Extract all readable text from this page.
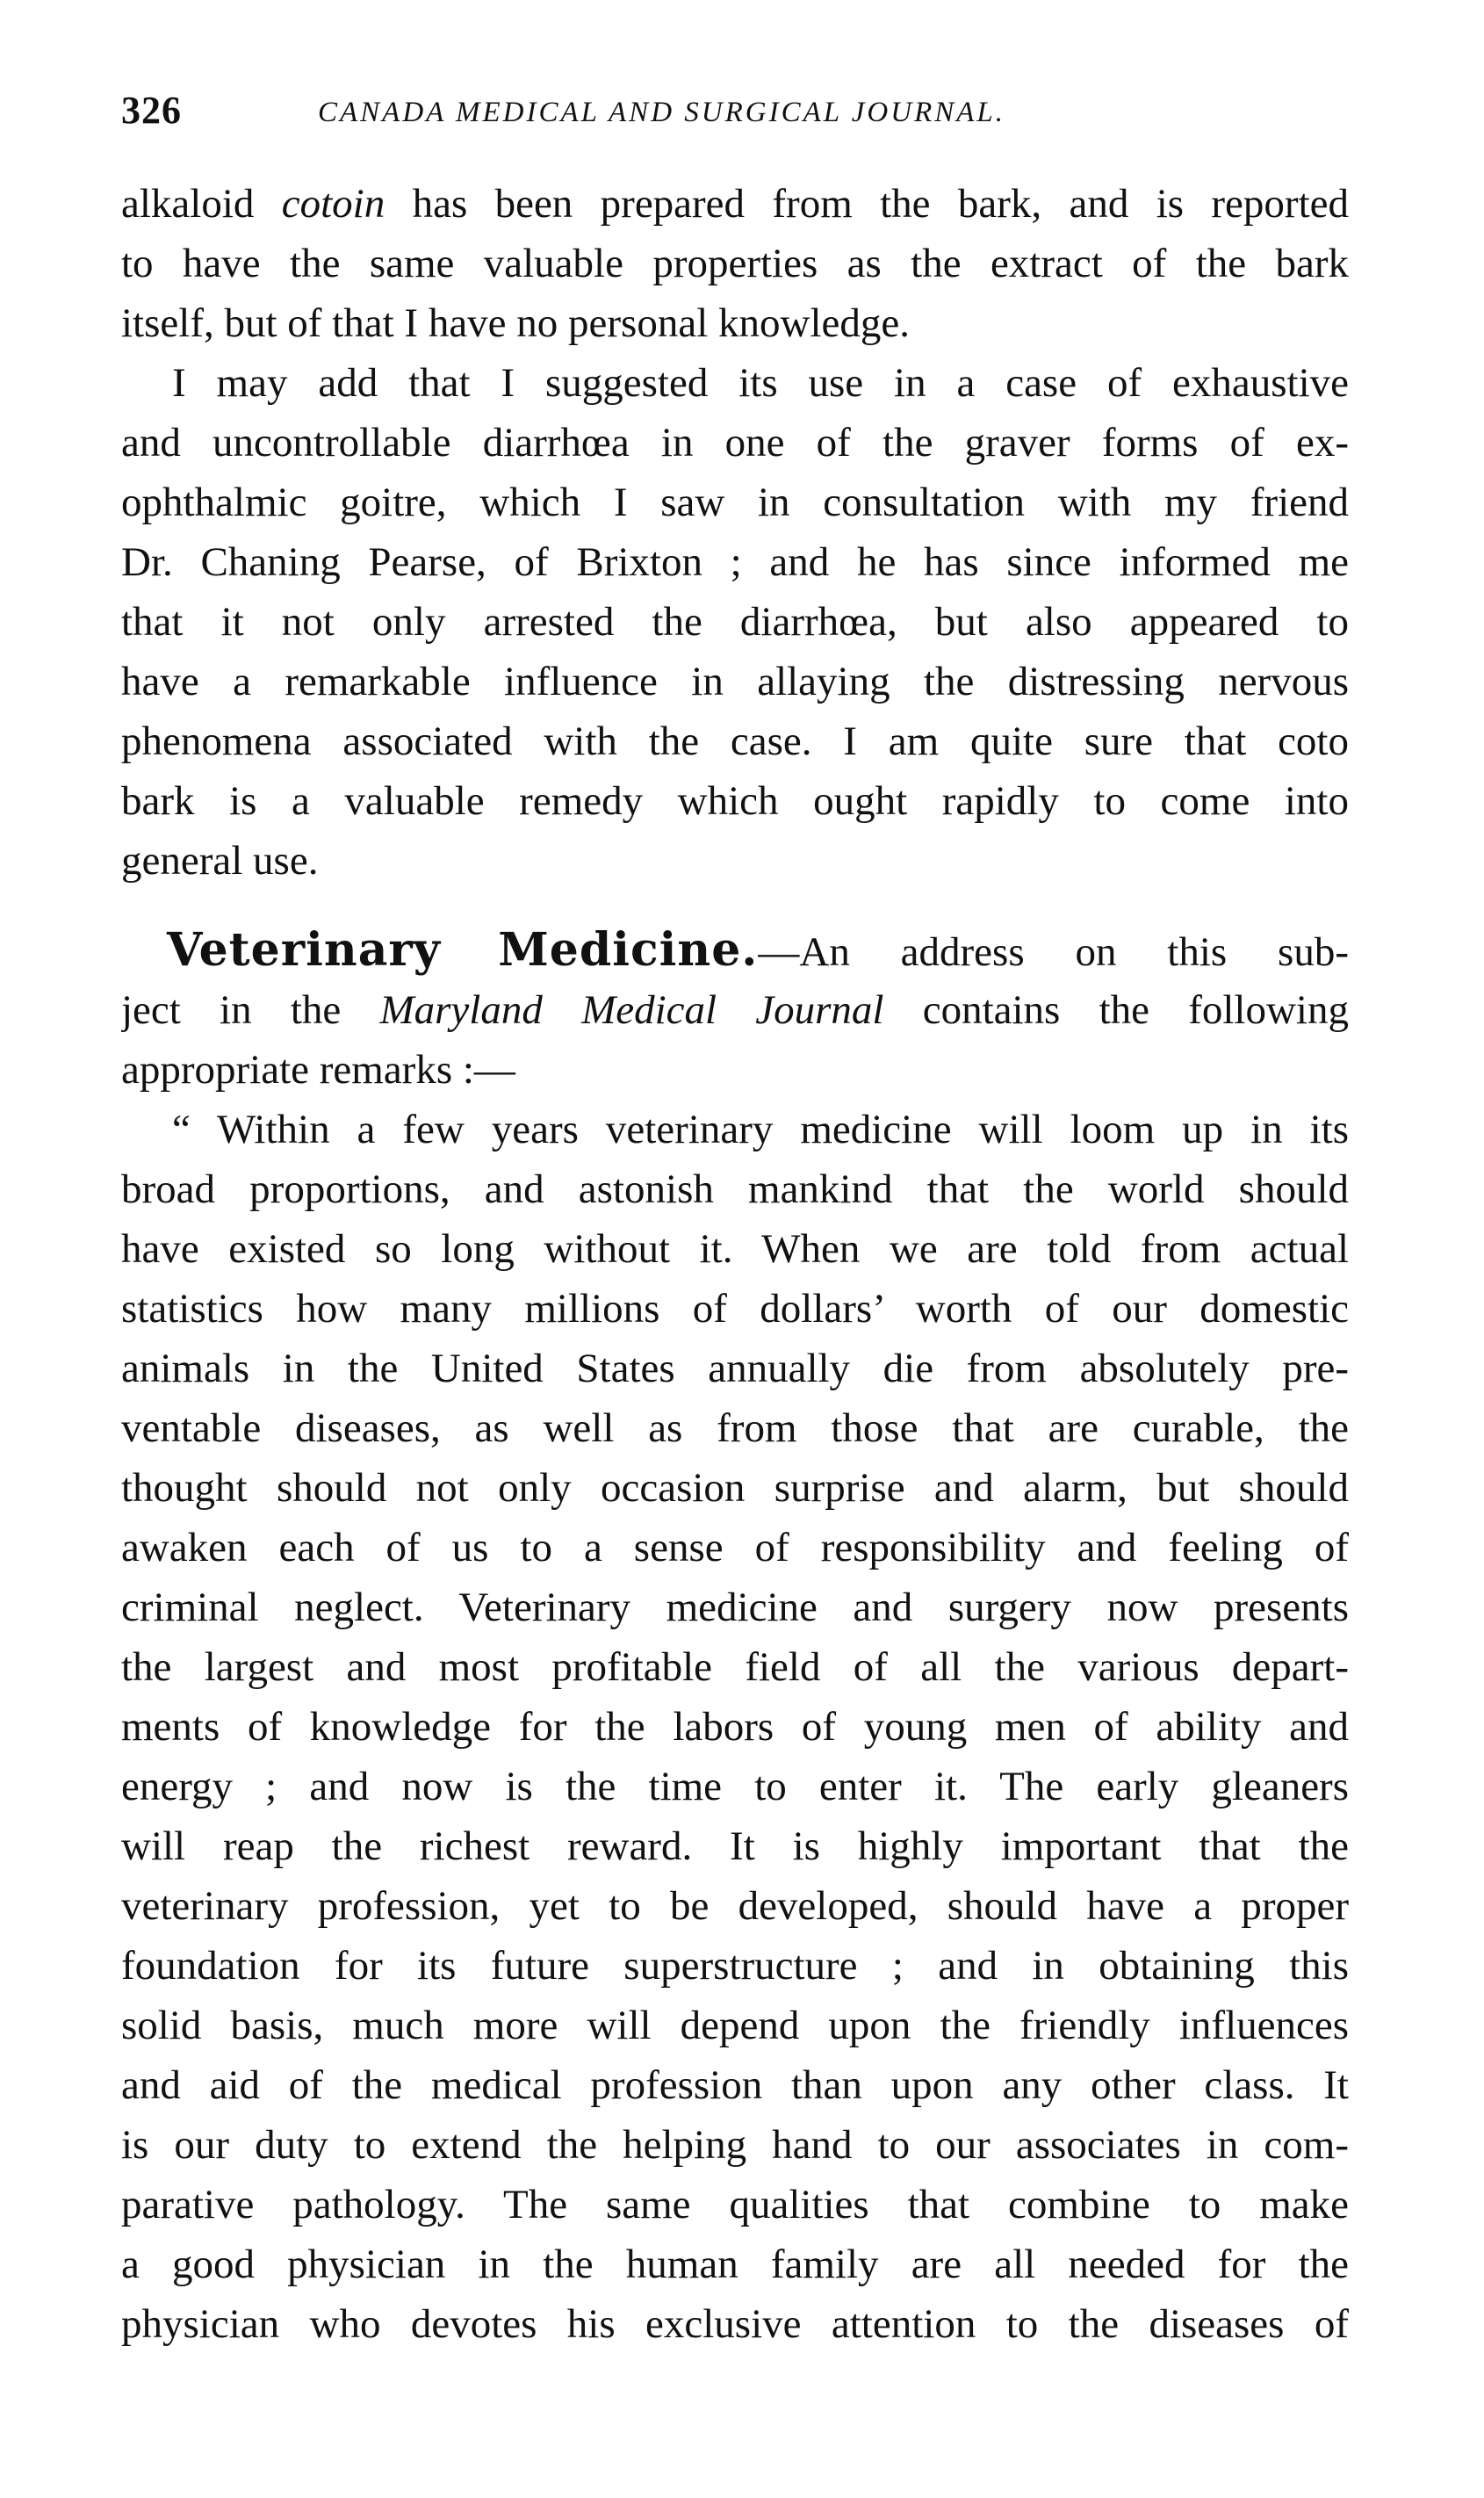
326	CANADA MEDICAL AND SURGICAL JOURNAL.
alkaloid cotoin has been prepared from the bark, and is reported
to have the same valuable properties as the extract of the bark
itself, but of that I have no personal knowledge.
I may add that I suggested its use in a case of exhaustive
and uncontrollable diarrhœa in one of the graver forms of ex-
ophthalmic goitre, which I saw in consultation with my friend
Dr. Chaning Pearse, of Brixton ; and he has since informed me
that it not only arrested the diarrhœa, but also appeared to
have a remarkable influence in allaying the distressing nervous
phenomena associated with the case. I am quite sure that coto
bark is a valuable remedy which ought rapidly to come into
general use.
Veterinary Medicine.—An address on this sub-
ject in the Maryland Medical Journal contains the following
appropriate remarks :—
“ Within a few years veterinary medicine will loom up in its
broad proportions, and astonish mankind that the world should
have existed so long without it. When we are told from actual
statistics how many millions of dollars’ worth of our domestic
animals in the United States annually die from absolutely pre-
ventable diseases, as well as from those that are curable, the
thought should not only occasion surprise and alarm, but should
awaken each of us to a sense of responsibility and feeling of
criminal neglect. Veterinary medicine and surgery now presents
the largest and most profitable field of all the various depart-
ments of knowledge for the labors of young men of ability and
energy ; and now is the time to enter it. The early gleaners
will reap the richest reward. It is highly important that the
veterinary profession, yet to be developed, should have a proper
foundation for its future superstructure ; and in obtaining this
solid basis, much more will depend upon the friendly influences
and aid of the medical profession than upon any other class. It
is our duty to extend the helping hand to our associates in com-
parative pathology. The same qualities that combine to make
a good physician in the human family are all needed for the
physician who devotes his exclusive attention to the diseases of
